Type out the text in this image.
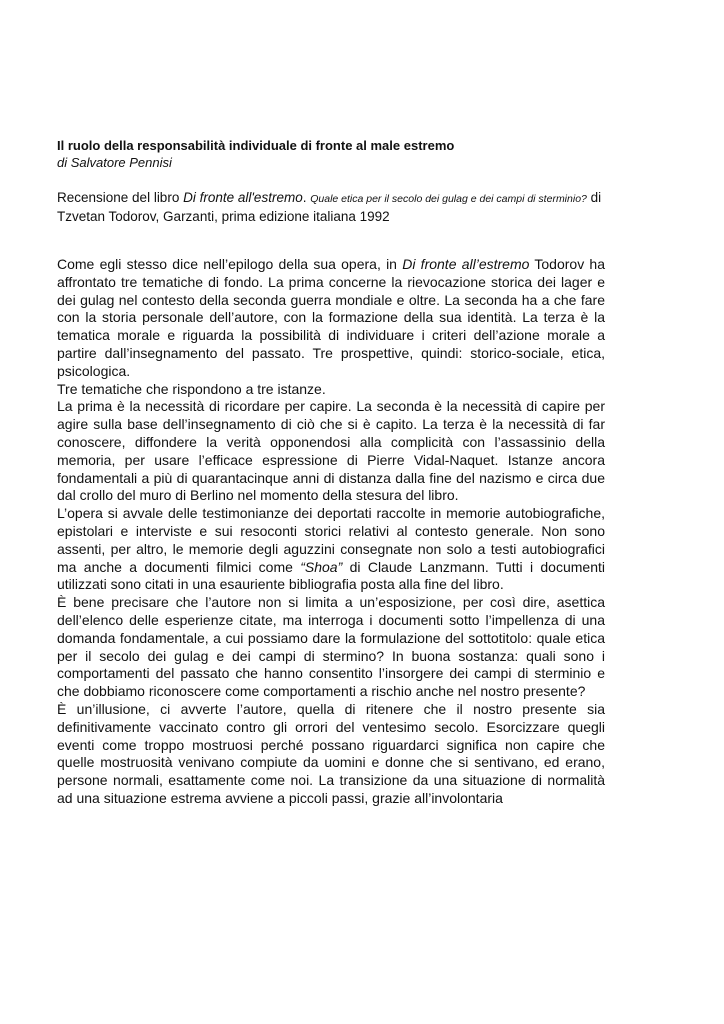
Il ruolo della responsabilità individuale di fronte al male estremo

di Salvatore Pennisi

Recensione del libro Di fronte all'estremo. Quale etica per il secolo dei gulag e dei campi di sterminio? di Tzvetan Todorov, Garzanti, prima edizione italiana 1992

Come egli stesso dice nell’epilogo della sua opera, in Di fronte all’estremo Todorov ha affrontato tre tematiche di fondo. La prima concerne la rievocazione storica dei lager e dei gulag nel contesto della seconda guerra mondiale e oltre. La seconda ha a che fare con la storia personale dell’autore, con la formazione della sua identità. La terza è la tematica morale e riguarda la possibilità di individuare i criteri dell’azione morale a partire dall’insegnamento del passato. Tre prospettive, quindi: storico-sociale, etica, psicologica.

Tre tematiche che rispondono a tre istanze.

La prima è la necessità di ricordare per capire. La seconda è la necessità di capire per agire sulla base dell’insegnamento di ciò che si è capito. La terza è la necessità di far conoscere, diffondere la verità opponendosi alla complicità con l’assassinio della memoria, per usare l’efficace espressione di Pierre Vidal-Naquet. Istanze ancora fondamentali a più di quarantacinque anni di distanza dalla fine del nazismo e circa due dal crollo del muro di Berlino nel momento della stesura del libro.

L’opera si avvale delle testimonianze dei deportati raccolte in memorie autobiografiche, epistolari e interviste e sui resoconti storici relativi al contesto generale. Non sono assenti, per altro, le memorie degli aguzzini consegnate non solo a testi autobiografici ma anche a documenti filmici come “Shoa” di Claude Lanzmann. Tutti i documenti utilizzati sono citati in una esauriente bibliografia posta alla fine del libro.

È bene precisare che l’autore non si limita a un’esposizione, per così dire, asettica dell’elenco delle esperienze citate, ma interroga i documenti sotto l’impellenza di una domanda fondamentale, a cui possiamo dare la formulazione del sottotitolo: quale etica per il secolo dei gulag e dei campi di stermino? In buona sostanza: quali sono i comportamenti del passato che hanno consentito l’insorgere dei campi di sterminio e che dobbiamo riconoscere come comportamenti a rischio anche nel nostro presente?

È un’illusione, ci avverte l’autore, quella di ritenere che il nostro presente sia definitivamente vaccinato contro gli orrori del ventesimo secolo. Esorcizzare quegli eventi come troppo mostruosi perché possano riguardarci significa non capire che quelle mostruosità venivano compiute da uomini e donne che si sentivano, ed erano, persone normali, esattamente come noi. La transizione da una situazione di normalità ad una situazione estrema avviene a piccoli passi, grazie all’involontaria
